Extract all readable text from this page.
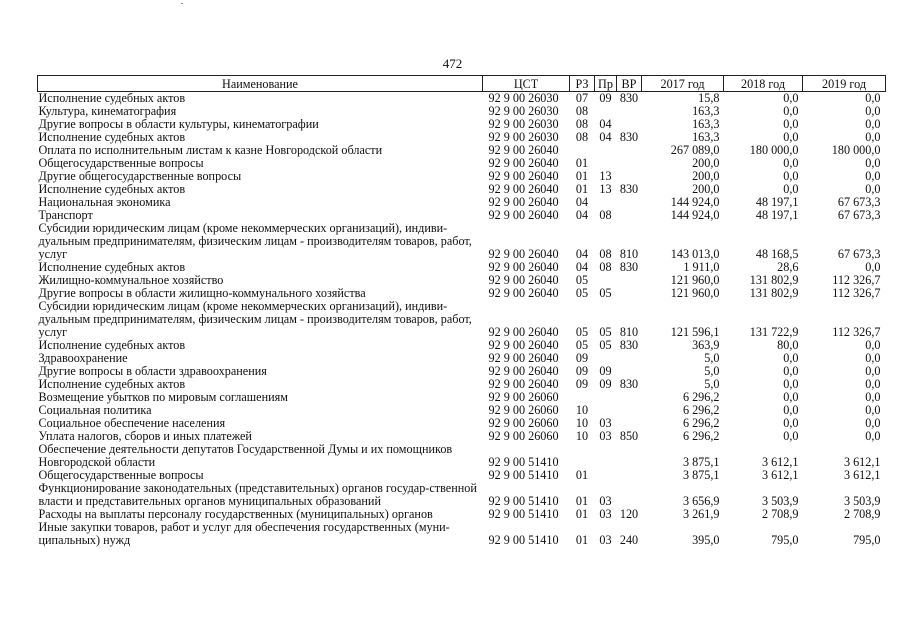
472
Наименование	ЦСТ	РЗ	Пр	ВР	2017 год	2018 год	2019 год
Исполнение судебных актов	92 9 00 26030	07	09	830	15,8	0,0	0,0
Культура, кинематография	92 9 00 26030	08			163,3	0,0	0,0
Другие вопросы в области культуры, кинематографии	92 9 00 26030	08	04		163,3	0,0	0,0
Исполнение судебных актов	92 9 00 26030	08	04	830	163,3	0,0	0,0
Оплата по исполнительным листам к казне Новгородской области	92 9 00 26040				267 089,0	180 000,0	180 000,0
Общегосударственные вопросы	92 9 00 26040	01			200,0	0,0	0,0
Другие общегосударственные вопросы	92 9 00 26040	01	13		200,0	0,0	0,0
Исполнение судебных актов	92 9 00 26040	01	13	830	200,0	0,0	0,0
Национальная экономика	92 9 00 26040	04			144 924,0	48 197,1	67 673,3
Транспорт	92 9 00 26040	04	08		144 924,0	48 197,1	67 673,3
Субсидии юридическим лицам (кроме некоммерческих организаций), индиви-дуальным предпринимателям, физическим лицам - производителям товаров, работ, услуг	92 9 00 26040	04	08	810	143 013,0	48 168,5	67 673,3
Исполнение судебных актов	92 9 00 26040	04	08	830	1 911,0	28,6	0,0
Жилищно-коммунальное хозяйство	92 9 00 26040	05			121 960,0	131 802,9	112 326,7
Другие вопросы в области жилищно-коммунального хозяйства	92 9 00 26040	05	05		121 960,0	131 802,9	112 326,7
Субсидии юридическим лицам (кроме некоммерческих организаций), индиви-дуальным предпринимателям, физическим лицам - производителям товаров, работ, услуг	92 9 00 26040	05	05	810	121 596,1	131 722,9	112 326,7
Исполнение судебных актов	92 9 00 26040	05	05	830	363,9	80,0	0,0
Здравоохранение	92 9 00 26040	09			5,0	0,0	0,0
Другие вопросы в области здравоохранения	92 9 00 26040	09	09		5,0	0,0	0,0
Исполнение судебных актов	92 9 00 26040	09	09	830	5,0	0,0	0,0
Возмещение убытков по мировым соглашениям	92 9 00 26060				6 296,2	0,0	0,0
Социальная политика	92 9 00 26060	10			6 296,2	0,0	0,0
Социальное обеспечение населения	92 9 00 26060	10	03		6 296,2	0,0	0,0
Уплата налогов, сборов и иных платежей	92 9 00 26060	10	03	850	6 296,2	0,0	0,0
Обеспечение деятельности депутатов Государственной Думы и их помощников Новгородской области	92 9 00 51410				3 875,1	3 612,1	3 612,1
Общегосударственные вопросы	92 9 00 51410	01			3 875,1	3 612,1	3 612,1
Функционирование законодательных (представительных) органов государ-ственной власти и представительных органов муниципальных образований	92 9 00 51410	01	03		3 656,9	3 503,9	3 503,9
Расходы на выплаты персоналу государственных (муниципальных) органов	92 9 00 51410	01	03	120	3 261,9	2 708,9	2 708,9
Иные закупки товаров, работ и услуг для обеспечения государственных (муни-ципальных) нужд	92 9 00 51410	01	03	240	395,0	795,0	795,0
